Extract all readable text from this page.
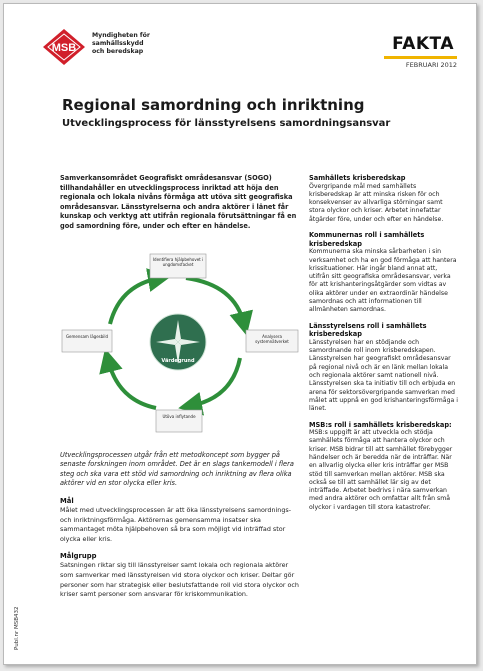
MSB
Myndigheten för
samhällsskydd
och beredskap	FAKTA
FEBRUARI 2012
Regional samordning och inriktning
Utvecklingsprocess för länsstyrelsens samordningsansvar

Samverkansområdet Geografiskt områdesansvar (SOGO) tillhandahåller en utvecklingsprocess inriktad att höja den regionala och lokala nivåns förmåga att utöva sitt geografiska områdesansvar. Länsstyrelserna och andra aktörer i länet får kunskap och verktyg att utifrån regionala förutsättningar få en god samordning före, under och efter en händelse.

Värdegrund
Identifiera hjälpbehovet i ungdomsfacket
Analysera systemnätverket
Utöva inflytande
Gemensam lägesbild

Utvecklingsprocessen utgår från ett metodkoncept som bygger på senaste forskningen inom området. Det är en slags tankemodell i flera steg och ska vara ett stöd vid samordning och inriktning av flera olika aktörer vid en stor olycka eller kris.

Mål

Målet med utvecklingsprocessen är att öka länsstyrelsens samordnings- och inriktningsförmåga. Aktörernas gemensamma insatser ska sammantaget möta hjälpbehoven så bra som möjligt vid inträffad stor olycka eller kris.

Målgrupp

Satsningen riktar sig till länsstyrelser samt lokala och regionala aktörer som samverkar med länsstyrelsen vid stora olyckor och kriser. Deltar gör personer som har strategisk eller beslutsfattande roll vid stora olyckor och kriser samt personer som ansvarar för kriskommunikation.

Samhällets krisberedskap

Övergripande mål med samhällets krisberedskap är att minska risken för och konsekvenser av allvarliga störningar samt stora olyckor och kriser. Arbetet innefattar åtgärder före, under och efter en händelse.

Kommunernas roll i samhällets krisberedskap

Kommunerna ska minska sårbarheten i sin verksamhet och ha en god förmåga att hantera krissituationer. Här ingår bland annat att, utifrån sitt geografiska områdesansvar, verka för att krishanteringsåtgärder som vidtas av olika aktörer under en extraordinär händelse samordnas och att informationen till allmänheten samordnas.

Länsstyrelsens roll i samhällets krisberedskap

Länsstyrelsen har en stödjande och samordnande roll inom krisberedskapen. Länsstyrelsen har geografiskt områdesansvar på regional nivå och är en länk mellan lokala och regionala aktörer samt nationell nivå. Länsstyrelsen ska ta initiativ till och erbjuda en arena för sektorsövergripande samverkan med målet att uppnå en god krishanteringsförmåga i länet.

MSB:s roll i samhällets krisberedskap:

MSB:s uppgift är att utveckla och stödja samhällets förmåga att hantera olyckor och kriser. MSB bidrar till att samhället förebygger händelser och är beredda när de inträffar. När en allvarlig olycka eller kris inträffar ger MSB stöd till samverkan mellan aktörer. MSB ska också se till att samhället lär sig av det inträffade. Arbetet bedrivs i nära samverkan med andra aktörer och omfattar allt från små olyckor i vardagen till stora katastrofer.

Publ.nr MSB432
